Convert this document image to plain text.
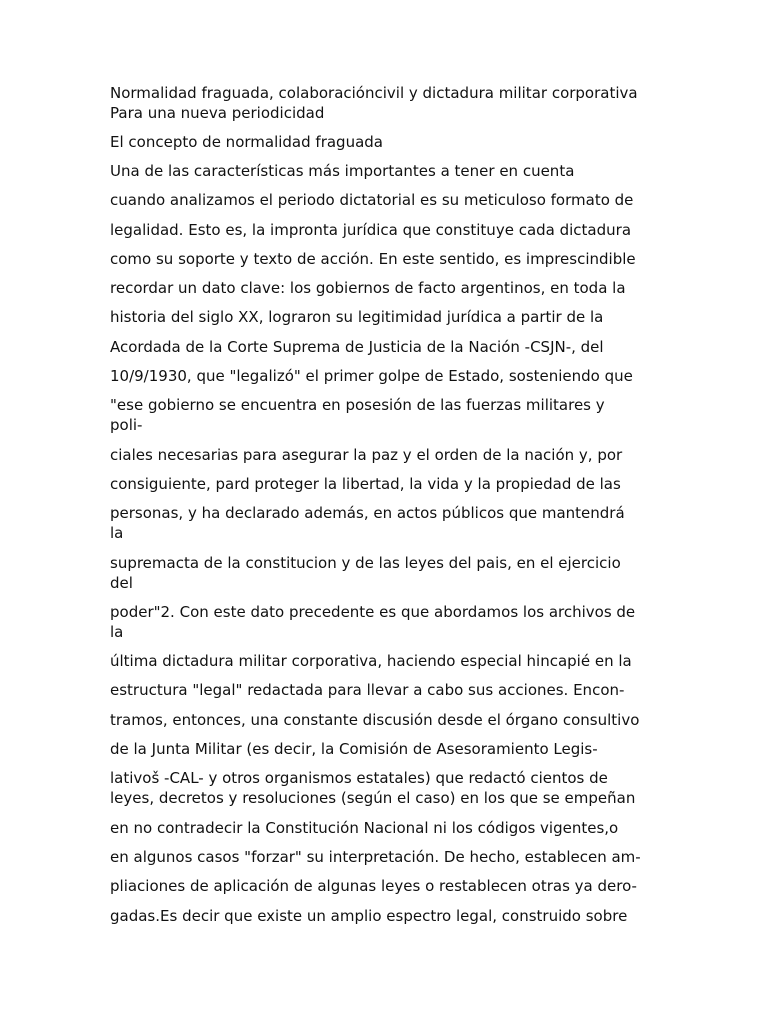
Normalidad fraguada, colaboracióncivil y dictadura militar corporativa
Para una nueva periodicidad

El concepto de normalidad fraguada

Una de las características más importantes a tener en cuenta

cuando analizamos el periodo dictatorial es su meticuloso formato de

legalidad. Esto es, la impronta jurídica que constituye cada dictadura

como su soporte y texto de acción. En este sentido, es imprescindible

recordar un dato clave: los gobiernos de facto argentinos, en toda la

historia del siglo XX, lograron su legitimidad jurídica a partir de la

Acordada de la Corte Suprema de Justicia de la Nación -CSJN-, del

10/9/1930, que "legalizó" el primer golpe de Estado, sosteniendo que

"ese gobierno se encuentra en posesión de las fuerzas militares y
poli-

ciales necesarias para asegurar la paz y el orden de la nación y, por

consiguiente, pard proteger la libertad, la vida y la propiedad de las

personas, y ha declarado además, en actos públicos que mantendrá
la

supremacta de la constitucion y de las leyes del pais, en el ejercicio
del

poder"2. Con este dato precedente es que abordamos los archivos de
la

última dictadura militar corporativa, haciendo especial hincapié en la

estructura "legal" redactada para llevar a cabo sus acciones. Encon-

tramos, entonces, una constante discusión desde el órgano consultivo

de la Junta Militar (es decir, la Comisión de Asesoramiento Legis-

lativoš -CAL- y otros organismos estatales) que redactó cientos de
leyes, decretos y resoluciones (según el caso) en los que se empeñan

en no contradecir la Constitución Nacional ni los códigos vigentes,o

en algunos casos "forzar" su interpretación. De hecho, establecen am-

pliaciones de aplicación de algunas leyes o restablecen otras ya dero-

gadas.Es decir que existe un amplio espectro legal, construido sobre
